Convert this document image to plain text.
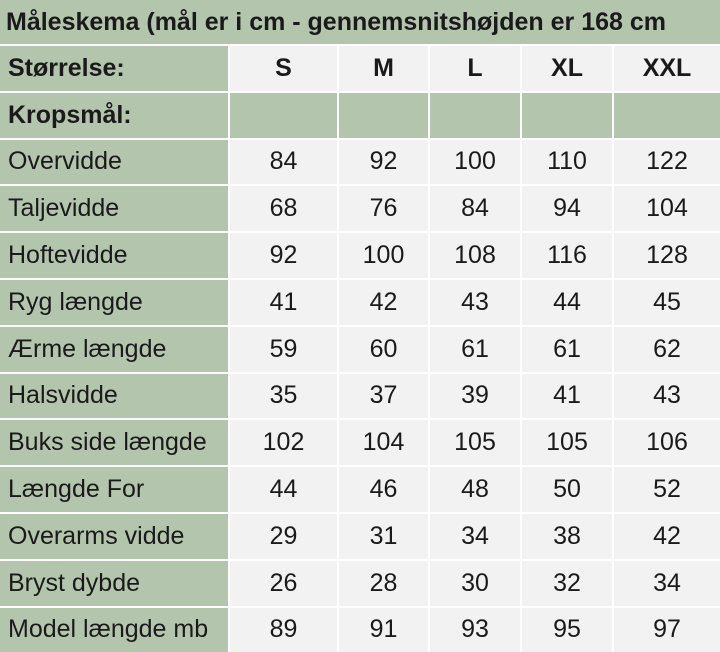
Måleskema (mål er i cm - gennemsnitshøjden er 168 cm
Størrelse:	S	M	L	XL	XXL
Kropsmål:
Overvidde	84	92	100	110	122
Taljevidde	68	76	84	94	104
Hoftevidde	92	100	108	116	128
Ryg længde	41	42	43	44	45
Ærme længde	59	60	61	61	62
Halsvidde	35	37	39	41	43
Buks side længde	102	104	105	105	106
Længde For	44	46	48	50	52
Overarms vidde	29	31	34	38	42
Bryst dybde	26	28	30	32	34
Model længde mb	89	91	93	95	97
